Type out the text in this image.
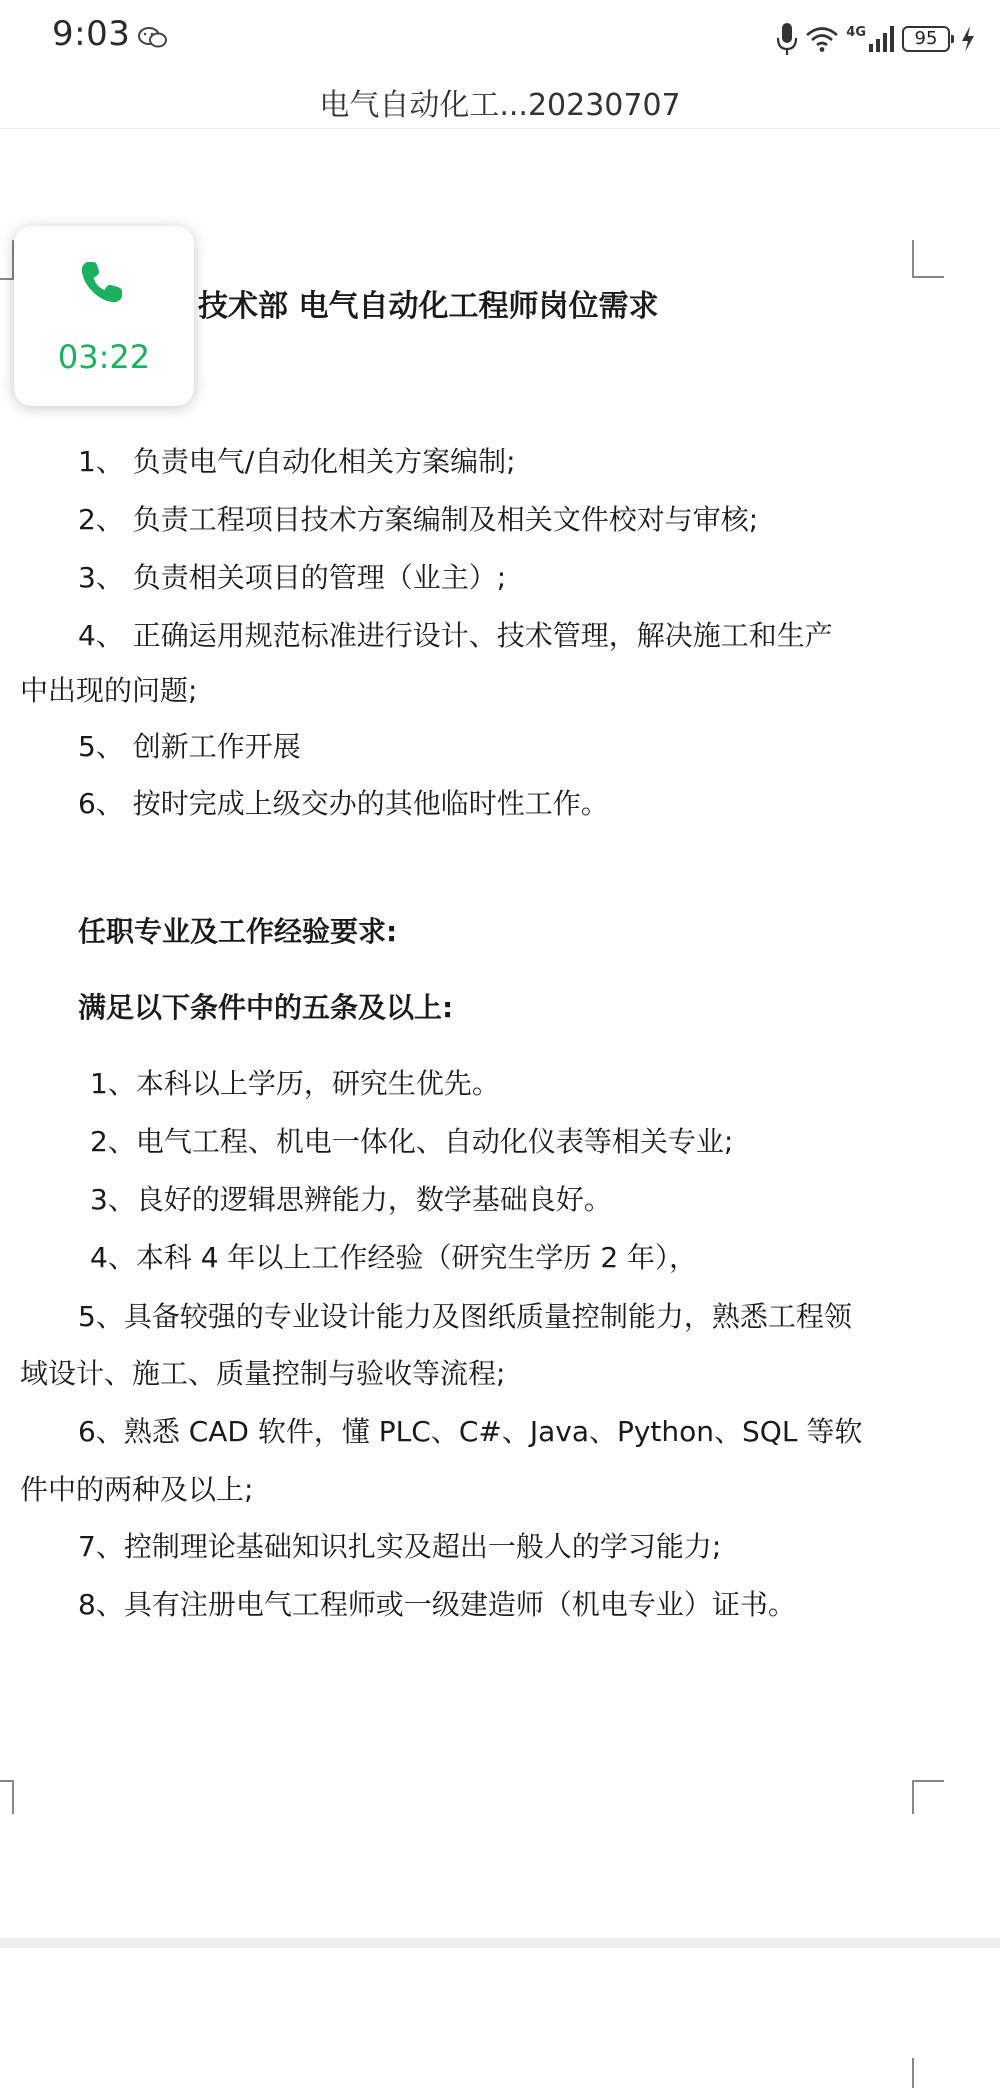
9:03	4G	95
电气自动化工...20230707
技术部 电气自动化工程师岗位需求
1、 负责电气/自动化相关方案编制;
2、 负责工程项目技术方案编制及相关文件校对与审核;
3、 负责相关项目的管理（业主）;
4、 正确运用规范标准进行设计、技术管理，解决施工和生产
中出现的问题;
5、 创新工作开展
6、 按时完成上级交办的其他临时性工作。
任职专业及工作经验要求:
满足以下条件中的五条及以上:
1、本科以上学历，研究生优先。
2、电气工程、机电一体化、自动化仪表等相关专业;
3、良好的逻辑思辨能力，数学基础良好。
4、本科 4 年以上工作经验（研究生学历 2 年），
5、具备较强的专业设计能力及图纸质量控制能力，熟悉工程领
域设计、施工、质量控制与验收等流程;
6、熟悉 CAD 软件，懂 PLC、C#、Java、Python、SQL 等软
件中的两种及以上;
7、控制理论基础知识扎实及超出一般人的学习能力;
8、具有注册电气工程师或一级建造师（机电专业）证书。
03:22
